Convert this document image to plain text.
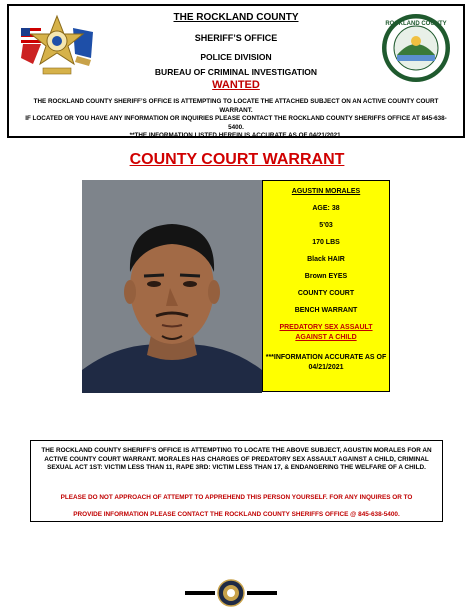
ROCKLAND COUNTY
THE ROCKLAND COUNTY
SHERIFF’S OFFICE
POLICE DIVISION
BUREAU OF CRIMINAL INVESTIGATION
WANTED
THE ROCKLAND COUNTY SHERIFF’S OFFICE IS ATTEMPTING TO LOCATE THE ATTACHED SUBJECT ON AN ACTIVE COUNTY COURT WARRANT.
IF LOCATED OR YOU HAVE ANY INFORMATION OR INQUIRIES PLEASE CONTACT THE ROCKLAND COUNTY SHERIFFS OFFICE AT 845-638-5400.
**THE INFORMATION LISTED HEREIN IS ACCURATE AS OF 04/21/2021.
COUNTY COURT WARRANT
AGUSTIN MORALES
AGE: 38
5’03
170 LBS
Black HAIR
Brown EYES
COUNTY COURT
BENCH WARRANT
PREDATORY SEX ASSAULT
AGAINST A CHILD
***INFORMATION ACCURATE AS OF
04/21/2021
THE ROCKLAND COUNTY SHERIFF’S OFFICE IS ATTEMPTING TO LOCATE THE ABOVE SUBJECT, AGUSTIN MORALES FOR AN ACTIVE COUNTY COURT WARRANT. MORALES HAS CHARGES OF PREDATORY SEX ASSAULT AGAINST A CHILD, CRIMINAL SEXUAL ACT 1ST: VICTIM LESS THAN 11, RAPE 3RD: VICTIM LESS THAN 17, & ENDANGERING THE WELFARE OF A CHILD.
PLEASE DO NOT APPROACH OF ATTEMPT TO APPREHEND THIS PERSON YOURSELF. FOR ANY INQUIRES OR TO
PROVIDE INFORMATION PLEASE CONTACT THE ROCKLAND COUNTY SHERIFFS OFFICE @ 845-638-5400.
